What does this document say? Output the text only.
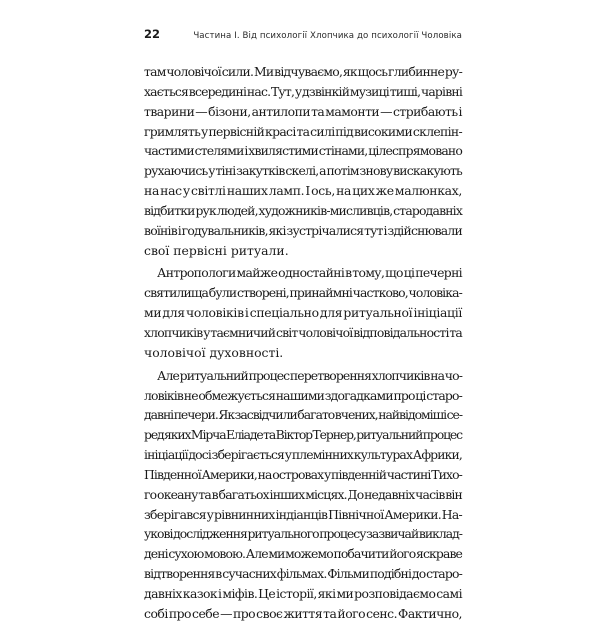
22	Частина І. Від психології Хлопчика до психології Чоловіка
там чоловічої сили. Ми відчуваємо, як щось глибинне ру-
хається всередині нас. Тут, у дзвінкій музиці тиші, чарівні
тварини — бізони, антилопи та мамонти — стрибають і
гримлять у первісній красі та силі під високими склепін-
частими стелями і хвилястими стінами, цілеспрямовано
рухаючись у тіні закутків скелі, а потім знову вискакують
на нас у світлі наших ламп. І ось, на цих же малюнках,
відбитки рук людей, художників-мисливців, стародавніх
воїнів і годувальників, які зустрічалися тут і здійснювали
свої первісні ритуали.
Антропологи майже одностайні в тому, що ці печерні
святилища були створені, принаймні частково, чоловіка-
ми для чоловіків і спеціально для ритуальної ініціації
хлопчиків у таємничий світ чоловічої відповідальності та
чоловічої духовності.
Але ритуальний процес перетворення хлопчиків на чо-
ловіків не обмежується нашими здогадками про ці старо-
давні печери. Як засвідчили багато вчених, найвідоміші се-
ред яких Мірча Еліаде та Віктор Тернер, ритуальний процес
ініціації досі зберігається у племінних культурах Африки,
Південної Америки, на островах у південній частині Тихо-
го океану та в багатьох інших місцях. До недавніх часів він
зберігався у рівнинних індіанців Північної Америки. На-
укові дослідження ритуального процесу зазвичай виклад-
дені сухою мовою. Але ми можемо побачити його яскраве
відтворення в сучасних фільмах. Фільми подібні до старо-
давніх казок і міфів. Це історії, які ми розповідаємо самі
собі про себе — про своє життя та його сенс. Фактично,
